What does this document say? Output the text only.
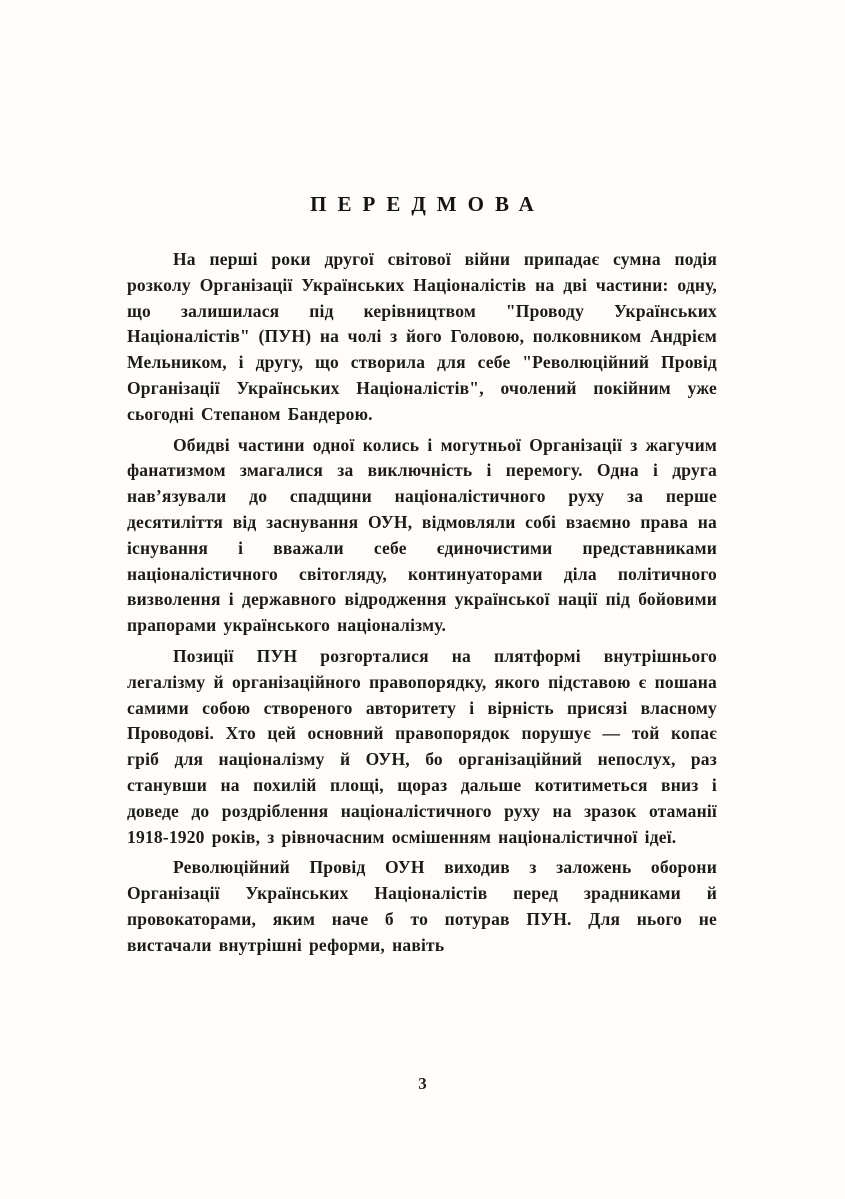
ПЕРЕДМОВА

На перші роки другої світової війни припадає сумна подія розколу Організації Українських Націоналістів на дві частини: одну, що залишилася під керівництвом "Проводу Українських Націоналістів" (ПУН) на чолі з його Головою, полковником Андрієм Мельником, і другу, що створила для себе "Революційний Провід Організації Українських Націоналістів", очолений покійним уже сьогодні Степаном Бандерою.

Обидві частини одної колись і могутньої Організації з жагучим фанатизмом змагалися за виключність і перемогу. Одна і друга нав’язували до спадщини націоналістичного руху за перше десятиліття від заснування ОУН, відмовляли собі взаємно права на існування і вважали себе єдиночистими представниками націоналістичного світогляду, континуаторами діла політичного визволення і державного відродження української нації під бойовими прапорами українського націоналізму.

Позиції ПУН розгорталися на плятформі внутрішнього легалізму й організаційного правопорядку, якого підставою є пошана самими собою створеного авторитету і вірність присязі власному Проводові. Хто цей основний правопорядок порушує — той копає гріб для націоналізму й ОУН, бо організаційний непослух, раз станувши на похилій площі, щораз дальше котитиметься вниз і доведе до роздріблення націоналістичного руху на зразок отаманії 1918-1920 років, з рівночасним осмішенням націоналістичної ідеї.

Революційний Провід ОУН виходив з заложень оборони Організації Українських Націоналістів перед зрадниками й провокаторами, яким наче б то потурав ПУН. Для нього не вистачали внутрішні реформи, навіть

3
